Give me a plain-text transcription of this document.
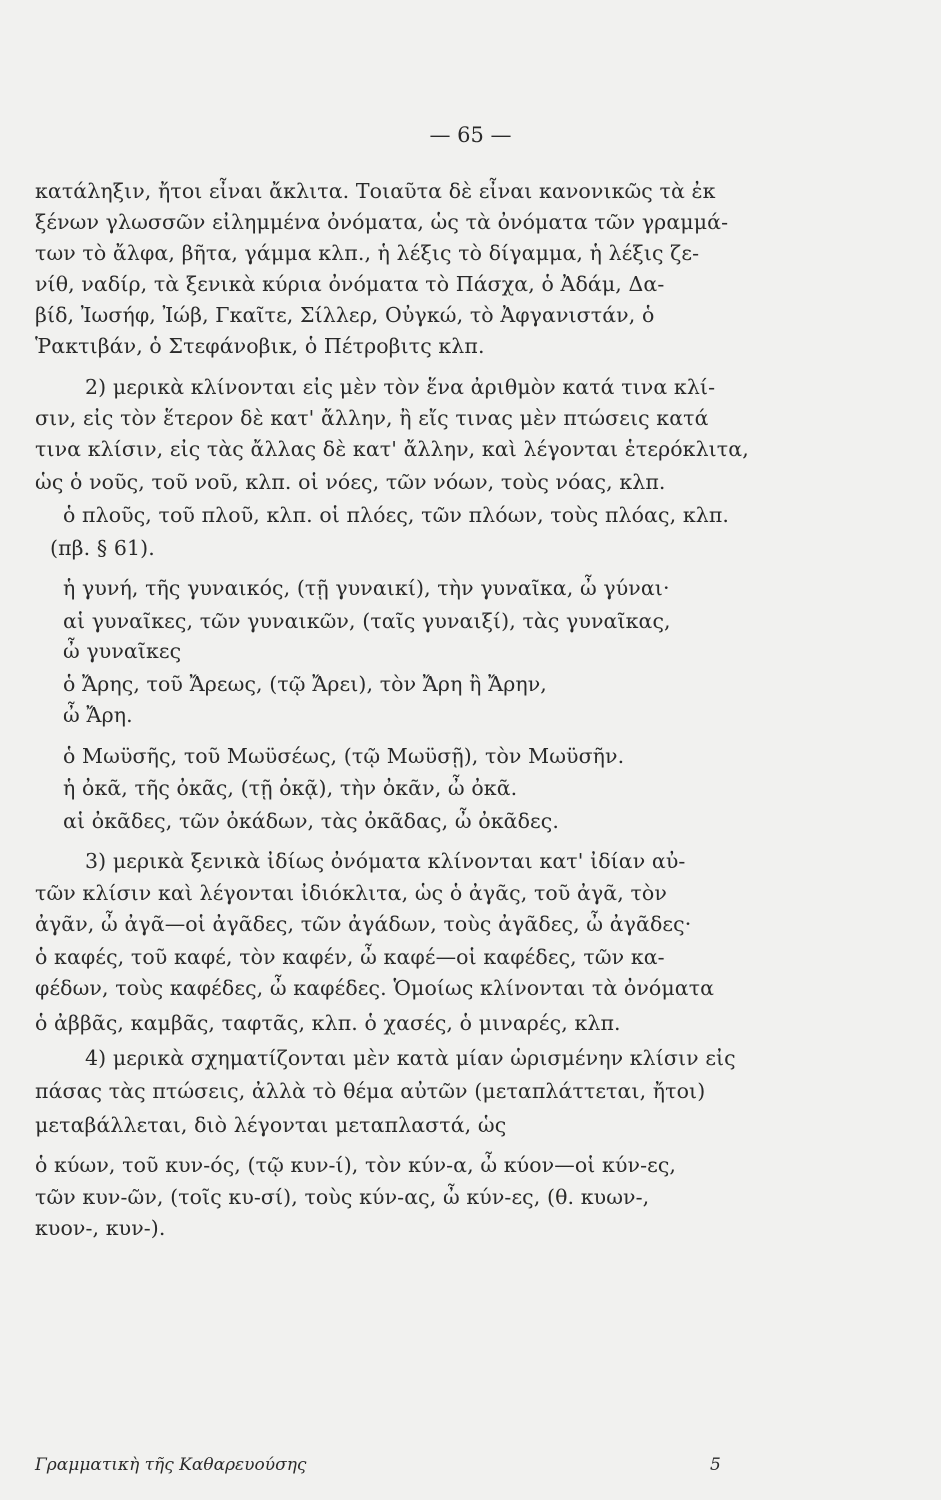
— 65 —
κατάληξιν, ἤτοι εἶναι ἄκλιτα. Τοιαῦτα δὲ εἶναι κανονικῶς τὰ ἐκ
ξένων γλωσσῶν εἰλημμένα ὀνόματα, ὡς τὰ ὀνόματα τῶν γραμμά-
των τὸ ἄλφα, βῆτα, γάμμα κλπ., ἡ λέξις τὸ δίγαμμα, ἡ λέξις ζε-
νίθ, ναδίρ, τὰ ξενικὰ κύρια ὀνόματα τὸ Πάσχα, ὁ Ἀδάμ, Δα-
βίδ, Ἰωσήφ, Ἰώβ, Γκαῖτε, Σίλλερ, Οὐγκώ, τὸ Ἀφγανιστάν, ὁ
Ῥακτιβάν, ὁ Στεφάνοβικ, ὁ Πέτροβιτς κλπ.
2) μερικὰ κλίνονται εἰς μὲν τὸν ἕνα ἀριθμὸν κατά τινα κλί-
σιν, εἰς τὸν ἕτερον δὲ κατ' ἄλλην, ἢ εἴς τινας μὲν πτώσεις κατά
τινα κλίσιν, εἰς τὰς ἄλλας δὲ κατ' ἄλλην, καὶ λέγονται ἑτερόκλιτα,
ὡς ὁ νοῦς, τοῦ νοῦ, κλπ. οἱ νόες, τῶν νόων, τοὺς νόας, κλπ.
ὁ πλοῦς, τοῦ πλοῦ, κλπ. οἱ πλόες, τῶν πλόων, τοὺς πλόας, κλπ.
(πβ. § 61).
ἡ γυνή, τῆς γυναικός, (τῇ γυναικί), τὴν γυναῖκα, ὦ γύναι·
αἱ γυναῖκες, τῶν γυναικῶν, (ταῖς γυναιξί), τὰς γυναῖκας,
ὦ γυναῖκες
ὁ Ἄρης, τοῦ Ἄρεως, (τῷ Ἄρει), τὸν Ἄρη ἢ Ἄρην,
ὦ Ἄρη.
ὁ Μωϋσῆς, τοῦ Μωϋσέως, (τῷ Μωϋσῇ), τὸν Μωϋσῆν.
ἡ ὀκᾶ, τῆς ὀκᾶς, (τῇ ὀκᾷ), τὴν ὀκᾶν, ὦ ὀκᾶ.
αἱ ὀκᾶδες, τῶν ὀκάδων, τὰς ὀκᾶδας, ὦ ὀκᾶδες.
3) μερικὰ ξενικὰ ἰδίως ὀνόματα κλίνονται κατ' ἰδίαν αὐ-
τῶν κλίσιν καὶ λέγονται ἰδιόκλιτα, ὡς ὁ ἀγᾶς, τοῦ ἀγᾶ, τὸν
ἀγᾶν, ὦ ἀγᾶ—οἱ ἀγᾶδες, τῶν ἀγάδων, τοὺς ἀγᾶδες, ὦ ἀγᾶδες·
ὁ καφές, τοῦ καφέ, τὸν καφέν, ὦ καφέ—οἱ καφέδες, τῶν κα-
φέδων, τοὺς καφέδες, ὦ καφέδες. Ὁμοίως κλίνονται τὰ ὀνόματα
ὁ ἀββᾶς, καμβᾶς, ταφτᾶς, κλπ. ὁ χασές, ὁ μιναρές, κλπ.
4) μερικὰ σχηματίζονται μὲν κατὰ μίαν ὡρισμένην κλίσιν εἰς
πάσας τὰς πτώσεις, ἀλλὰ τὸ θέμα αὐτῶν (μεταπλάττεται, ἤτοι)
μεταβάλλεται, διὸ λέγονται μεταπλαστά, ὡς
ὁ κύων, τοῦ κυν-ός, (τῷ κυν-ί), τὸν κύν-α, ὦ κύον—οἱ κύν-ες,
τῶν κυν-ῶν, (τοῖς κυ-σί), τοὺς κύν-ας, ὦ κύν-ες, (θ. κυων-,
κυον-, κυν-).
Γραμματικὴ τῆς Καθαρευούσης	5
